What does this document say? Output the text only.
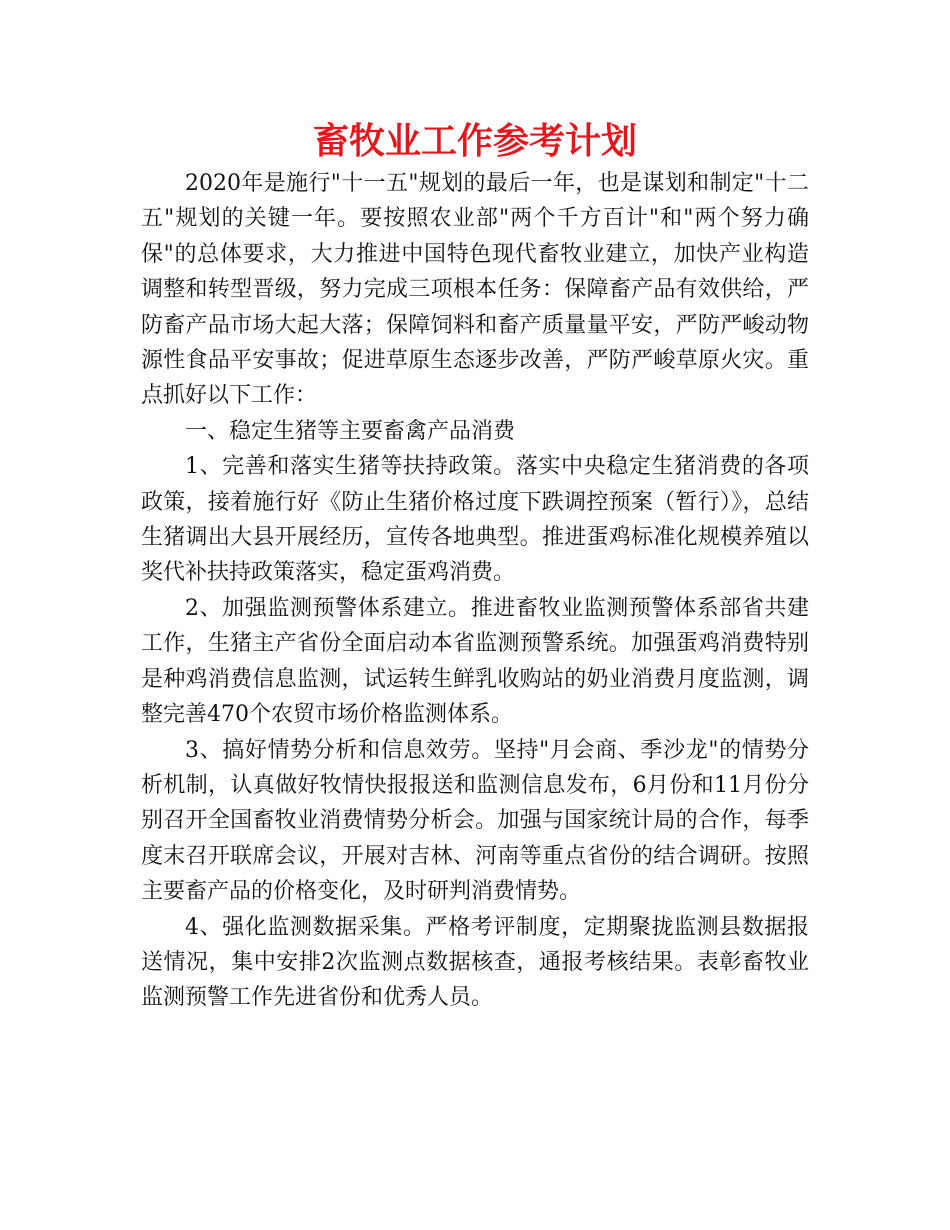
畜牧业工作参考计划

2020年是施行"十一五"规划的最后一年，也是谋划和制定"十二五"规划的关键一年。要按照农业部"两个千方百计"和"两个努力确保"的总体要求，大力推进中国特色现代畜牧业建立，加快产业构造调整和转型晋级，努力完成三项根本任务：保障畜产品有效供给，严防畜产品市场大起大落；保障饲料和畜产质量量平安，严防严峻动物源性食品平安事故；促进草原生态逐步改善，严防严峻草原火灾。重点抓好以下工作：

一、稳定生猪等主要畜禽产品消费

1、完善和落实生猪等扶持政策。落实中央稳定生猪消费的各项政策，接着施行好《防止生猪价格过度下跌调控预案（暂行）》，总结生猪调出大县开展经历，宣传各地典型。推进蛋鸡标准化规模养殖以奖代补扶持政策落实，稳定蛋鸡消费。

2、加强监测预警体系建立。推进畜牧业监测预警体系部省共建工作，生猪主产省份全面启动本省监测预警系统。加强蛋鸡消费特别是种鸡消费信息监测，试运转生鲜乳收购站的奶业消费月度监测，调整完善470个农贸市场价格监测体系。

3、搞好情势分析和信息效劳。坚持"月会商、季沙龙"的情势分析机制，认真做好牧情快报报送和监测信息发布，6月份和11月份分别召开全国畜牧业消费情势分析会。加强与国家统计局的合作，每季度末召开联席会议，开展对吉林、河南等重点省份的结合调研。按照主要畜产品的价格变化，及时研判消费情势。

4、强化监测数据采集。严格考评制度，定期聚拢监测县数据报送情况，集中安排2次监测点数据核查，通报考核结果。表彰畜牧业监测预警工作先进省份和优秀人员。
